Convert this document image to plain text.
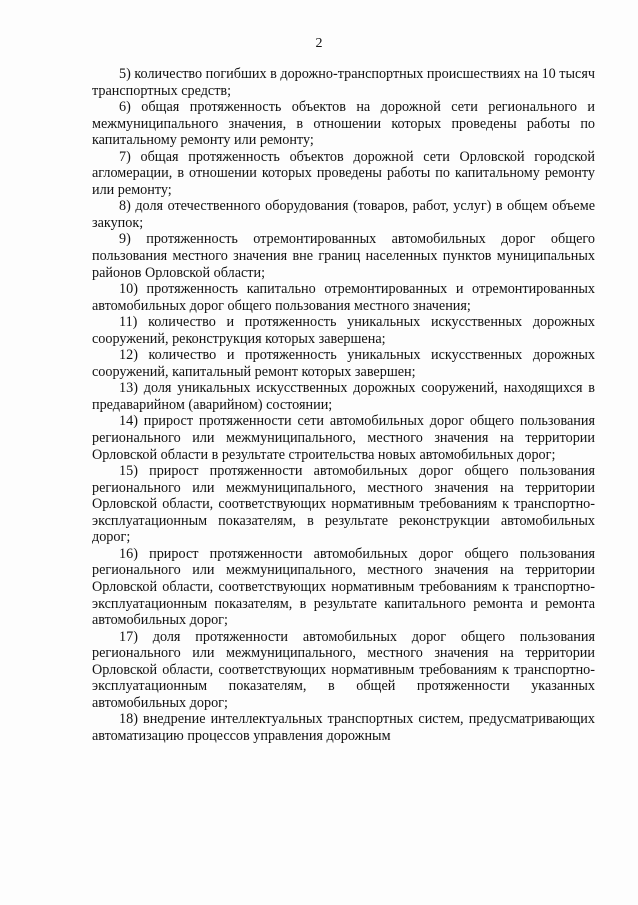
2

5) количество погибших в дорожно-транспортных происшествиях на 10 тысяч транспортных средств;

6) общая протяженность объектов на дорожной сети регионального и межмуниципального значения, в отношении которых проведены работы по капитальному ремонту или ремонту;

7) общая протяженность объектов дорожной сети Орловской городской агломерации, в отношении которых проведены работы по капитальному ремонту или ремонту;

8) доля отечественного оборудования (товаров, работ, услуг) в общем объеме закупок;

9) протяженность отремонтированных автомобильных дорог общего пользования местного значения вне границ населенных пунктов муниципальных районов Орловской области;

10) протяженность капитально отремонтированных и отремонтированных автомобильных дорог общего пользования местного значения;

11) количество и протяженность уникальных искусственных дорожных сооружений, реконструкция которых завершена;

12) количество и протяженность уникальных искусственных дорожных сооружений, капитальный ремонт которых завершен;

13) доля уникальных искусственных дорожных сооружений, находящихся в предаварийном (аварийном) состоянии;

14) прирост протяженности сети автомобильных дорог общего пользования регионального или межмуниципального, местного значения на территории Орловской области в результате строительства новых автомобильных дорог;

15) прирост протяженности автомобильных дорог общего пользования регионального или межмуниципального, местного значения на территории Орловской области, соответствующих нормативным требованиям к транспортно-эксплуатационным показателям, в результате реконструкции автомобильных дорог;

16) прирост протяженности автомобильных дорог общего пользования регионального или межмуниципального, местного значения на территории Орловской области, соответствующих нормативным требованиям к транспортно-эксплуатационным показателям, в результате капитального ремонта и ремонта автомобильных дорог;

17) доля протяженности автомобильных дорог общего пользования регионального или межмуниципального, местного значения на территории Орловской области, соответствующих нормативным требованиям к транспортно-эксплуатационным показателям, в общей протяженности указанных автомобильных дорог;

18) внедрение интеллектуальных транспортных систем, предусматривающих автоматизацию процессов управления дорожным
